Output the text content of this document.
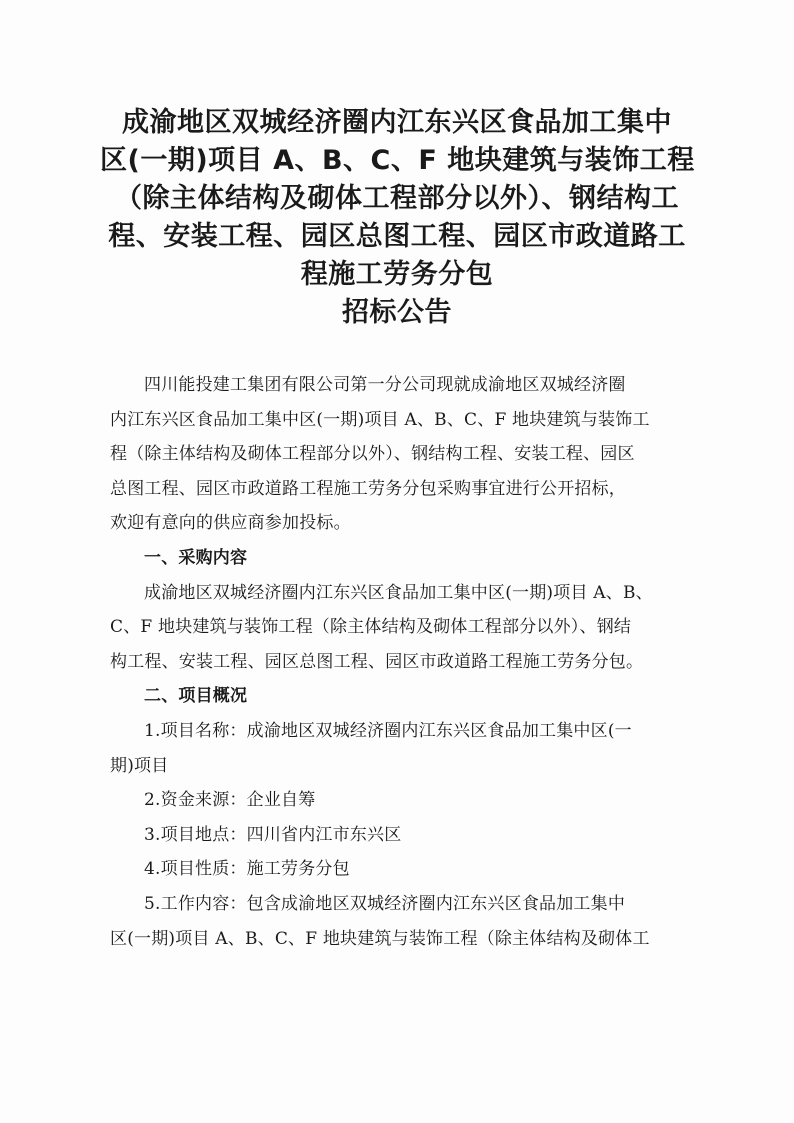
成渝地区双城经济圈内江东兴区食品加工集中
区(一期)项目 A、B、C、F 地块建筑与装饰工程
（除主体结构及砌体工程部分以外）、钢结构工
程、安装工程、园区总图工程、园区市政道路工
程施工劳务分包
招标公告
四川能投建工集团有限公司第一分公司现就成渝地区双城经济圈
内江东兴区食品加工集中区(一期)项目 A、B、C、F 地块建筑与装饰工
程（除主体结构及砌体工程部分以外）、钢结构工程、安装工程、园区
总图工程、园区市政道路工程施工劳务分包采购事宜进行公开招标，
欢迎有意向的供应商参加投标。
一、采购内容
成渝地区双城经济圈内江东兴区食品加工集中区(一期)项目 A、B、
C、F 地块建筑与装饰工程（除主体结构及砌体工程部分以外）、钢结
构工程、安装工程、园区总图工程、园区市政道路工程施工劳务分包。
二、项目概况
1.项目名称：成渝地区双城经济圈内江东兴区食品加工集中区(一
期)项目
2.资金来源：企业自筹
3.项目地点：四川省内江市东兴区
4.项目性质：施工劳务分包
5.工作内容：包含成渝地区双城经济圈内江东兴区食品加工集中
区(一期)项目 A、B、C、F 地块建筑与装饰工程（除主体结构及砌体工
